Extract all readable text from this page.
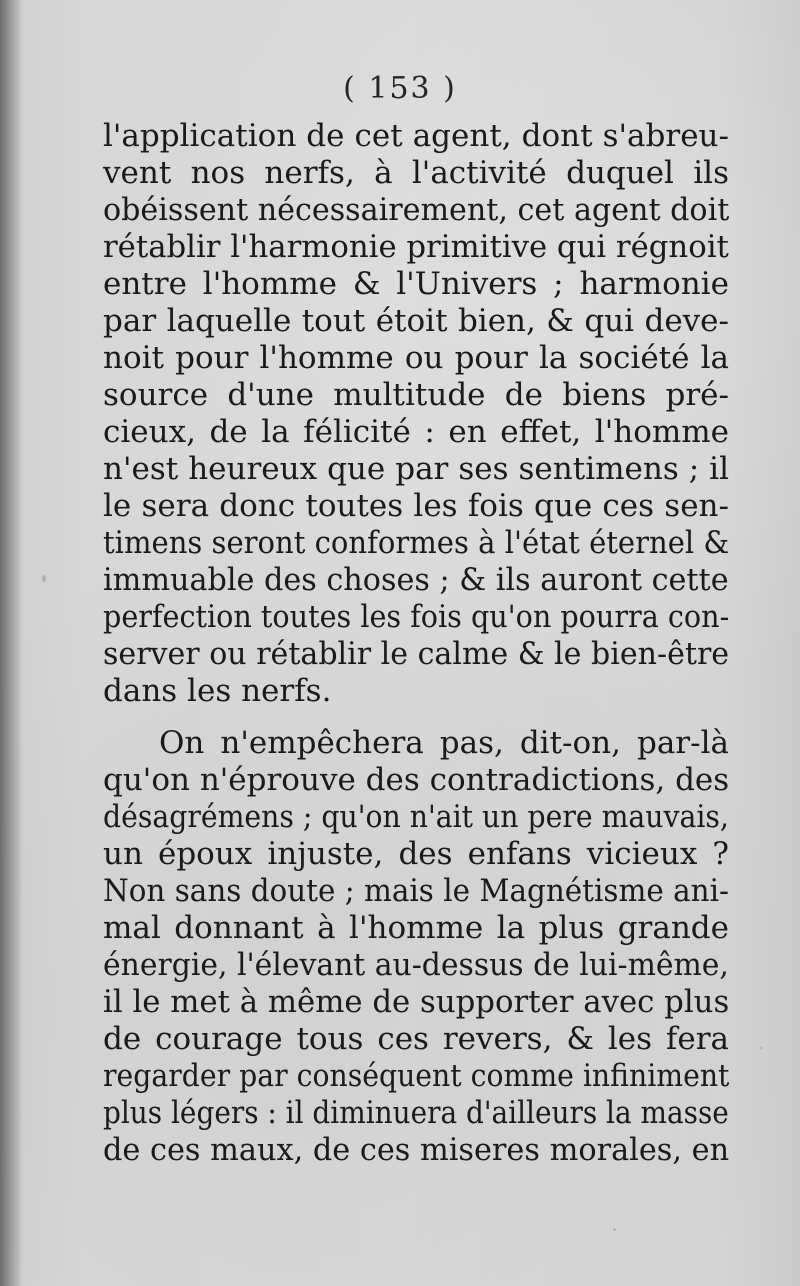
( 153 )
l'application de cet agent, dont s'abreu-
vent nos nerfs, à l'activité duquel ils
obéissent nécessairement, cet agent doit
rétablir l'harmonie primitive qui régnoit
entre l'homme & l'Univers ; harmonie
par laquelle tout étoit bien, & qui deve-
noit pour l'homme ou pour la société la
source d'une multitude de biens pré-
cieux, de la félicité : en effet, l'homme
n'est heureux que par ses sentimens ; il
le sera donc toutes les fois que ces sen-
timens seront conformes à l'état éternel &
immuable des choses ; & ils auront cette
perfection toutes les fois qu'on pourra con-
server ou rétablir le calme & le bien-être
dans les nerfs.
On n'empêchera pas, dit-on, par-là
qu'on n'éprouve des contradictions, des
désagrémens ; qu'on n'ait un pere mauvais,
un époux injuste, des enfans vicieux ?
Non sans doute ; mais le Magnétisme ani-
mal donnant à l'homme la plus grande
énergie, l'élevant au-dessus de lui-même,
il le met à même de supporter avec plus
de courage tous ces revers, & les fera
regarder par conséquent comme infiniment
plus légers : il diminuera d'ailleurs la masse
de ces maux, de ces miseres morales, en
